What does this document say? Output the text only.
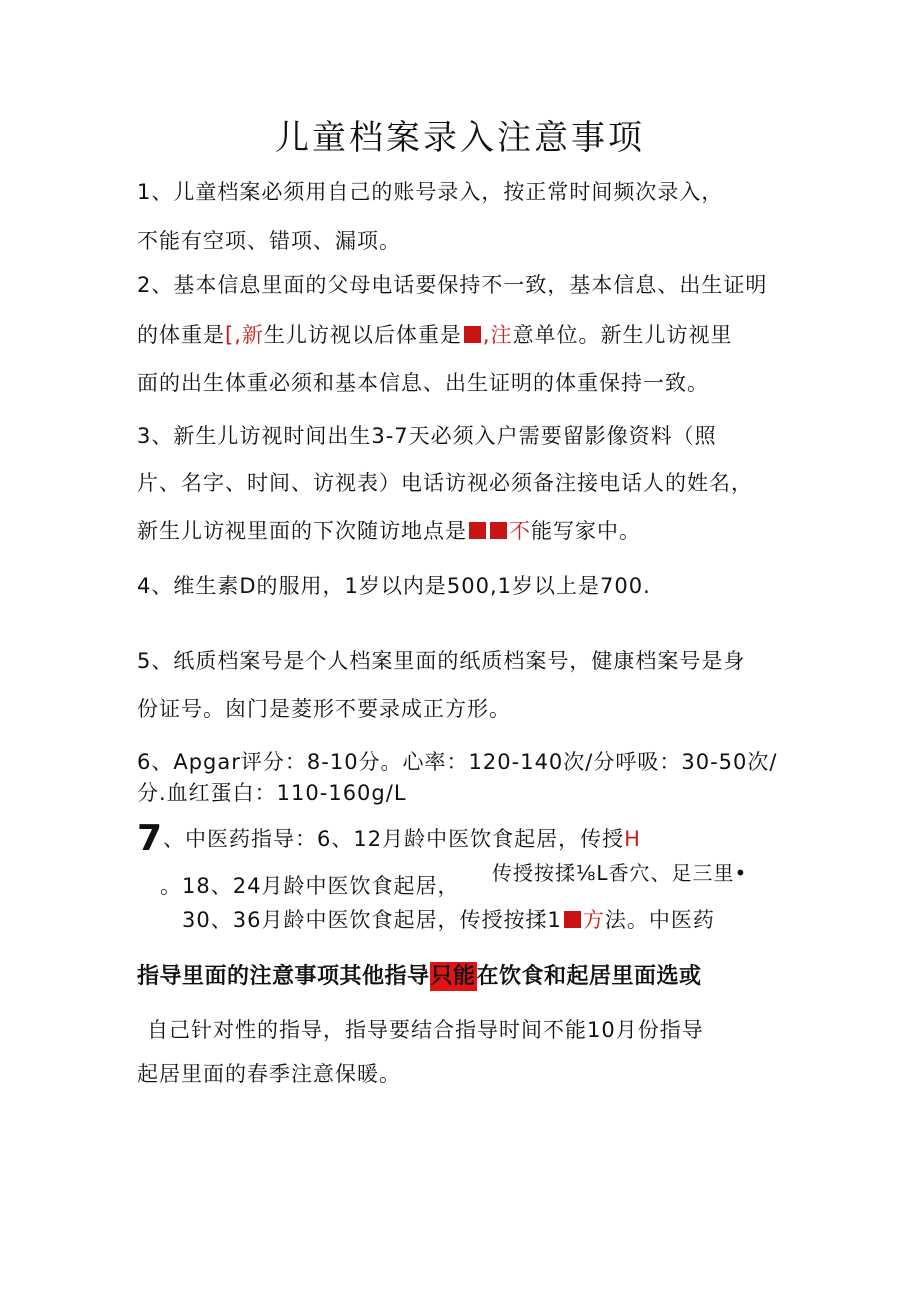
儿童档案录入注意事项
1、儿童档案必须用自己的账号录入，按正常时间频次录入，
不能有空项、错项、漏项。
2、基本信息里面的父母电话要保持不一致，基本信息、出生证明
的体重是[,新生儿访视以后体重是 ,注意单位。新生儿访视里
面的出生体重必须和基本信息、出生证明的体重保持一致。
3、新生儿访视时间出生3-7天必须入户需要留影像资料（照
片、名字、时间、访视表）电话访视必须备注接电话人的姓名，
新生儿访视里面的下次随访地点是 不能写家中。
4、维生素D的服用，1岁以内是500,1岁以上是700.
5、纸质档案号是个人档案里面的纸质档案号，健康档案号是身
份证号。囱门是菱形不要录成正方形。
6、Apgar评分：8-10分。心率：120-140次/分呼吸：30-50次/
分.血红蛋白：110-160g/L
7、中医药指导：6、12月龄中医饮食起居，传授H
。18、24月龄中医饮食起居，
传授按揉⅛L香穴、足三里•
30、36月龄中医饮食起居，传授按揉1 方法。中医药
指导里面的注意事项其他指导只能在饮食和起居里面选或
自己针对性的指导，指导要结合指导时间不能10月份指导
起居里面的春季注意保暖。
